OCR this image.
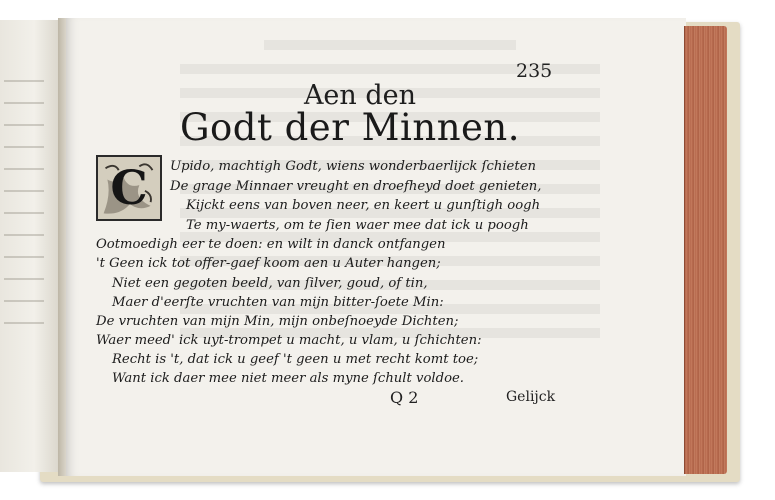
235
Aen den
Godt der Minnen.
C Upido, machtigh Godt, wiens wonderbaerlijck ſchieten
De grage Minnaer vreught en droefheyd doet genieten,
Kijckt eens van boven neer, en keert u gunſtigh oogh
Te my-waerts, om te ſien waer mee dat ick u poogh
Ootmoedigh eer te doen: en wilt in danck ontfangen
't Geen ick tot offer-gaef koom aen u Auter hangen;
Niet een gegoten beeld, van ſilver, goud, of tin,
Maer d'eerſte vruchten van mijn bitter-ſoete Min:
De vruchten van mijn Min, mijn onbeſnoeyde Dichten;
Waer meed' ick uyt-trompet u macht, u vlam, u ſchichten:
Recht is 't, dat ick u geef 't geen u met recht komt toe;
Want ick daer mee niet meer als myne ſchult voldoe.
Q 2	Gelijck
